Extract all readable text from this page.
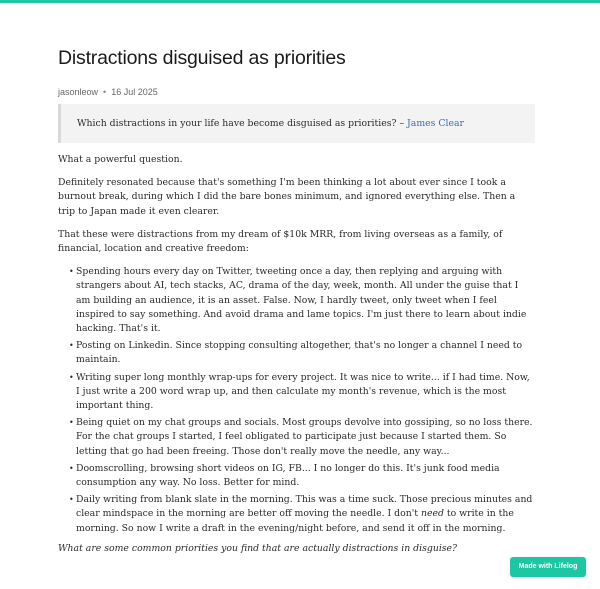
Distractions disguised as priorities
jasonleow • 16 Jul 2025
Which distractions in your life have become disguised as priorities? – James Clear

What a powerful question.

Definitely resonated because that's something I'm been thinking a lot about ever since I took a burnout break, during which I did the bare bones minimum, and ignored everything else. Then a trip to Japan made it even clearer.

That these were distractions from my dream of $10k MRR, from living overseas as a family, of financial, location and creative freedom:

• Spending hours every day on Twitter, tweeting once a day, then replying and arguing with strangers about AI, tech stacks, AC, drama of the day, week, month. All under the guise that I am building an audience, it is an asset. False. Now, I hardly tweet, only tweet when I feel inspired to say something. And avoid drama and lame topics. I'm just there to learn about indie hacking. That's it.
• Posting on Linkedin. Since stopping consulting altogether, that's no longer a channel I need to maintain.
• Writing super long monthly wrap-ups for every project. It was nice to write... if I had time. Now, I just write a 200 word wrap up, and then calculate my month's revenue, which is the most important thing.
• Being quiet on my chat groups and socials. Most groups devolve into gossiping, so no loss there. For the chat groups I started, I feel obligated to participate just because I started them. So letting that go had been freeing. Those don't really move the needle, any way...
• Doomscrolling, browsing short videos on IG, FB... I no longer do this. It's junk food media consumption any way. No loss. Better for mind.
• Daily writing from blank slate in the morning. This was a time suck. Those precious minutes and clear mindspace in the morning are better off moving the needle. I don't need to write in the morning. So now I write a draft in the evening/night before, and send it off in the morning.

What are some common priorities you find that are actually distractions in disguise?

Made with Lifelog
